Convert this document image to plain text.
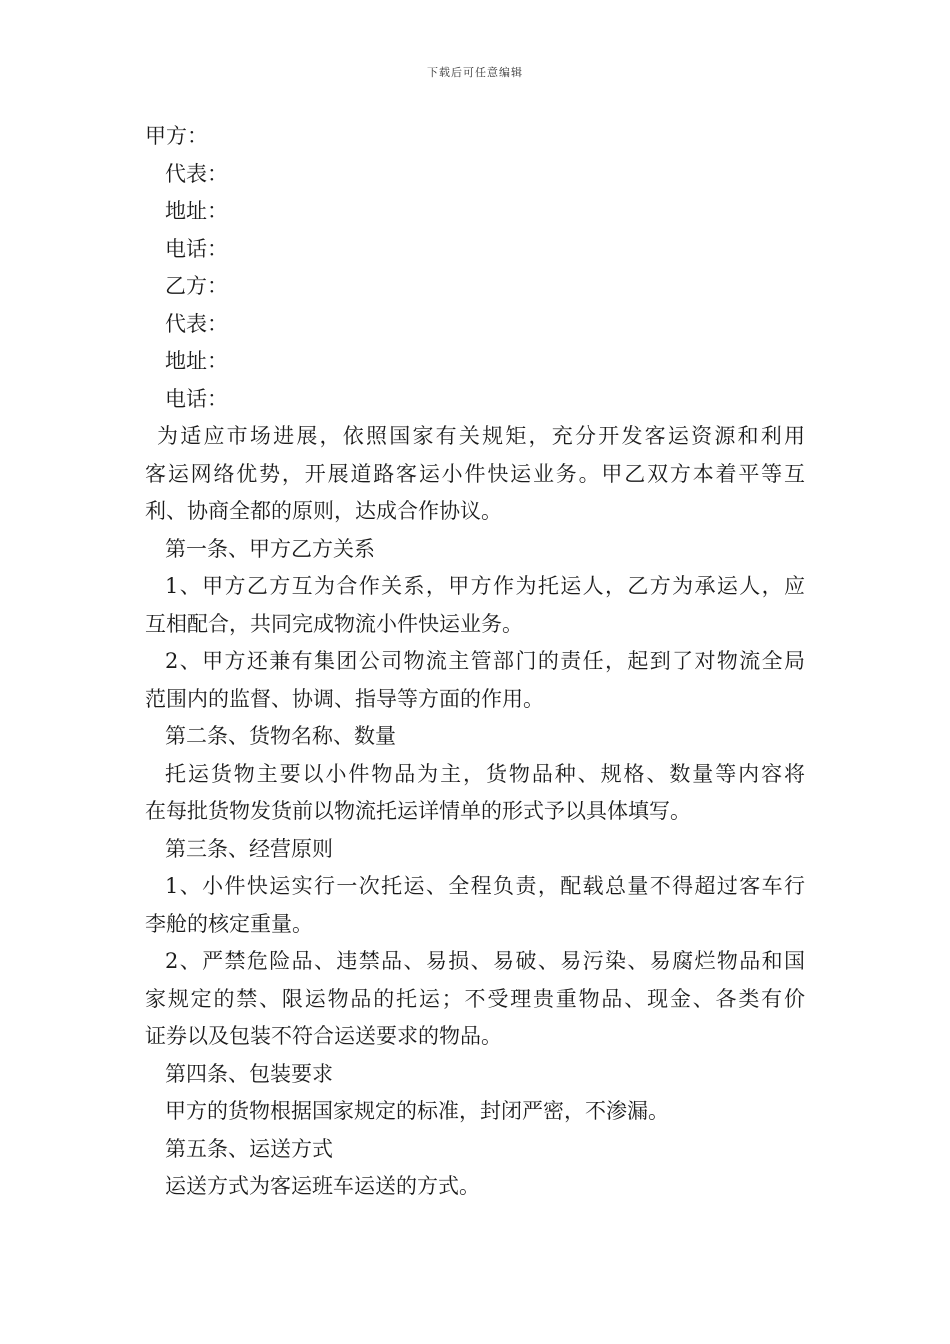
下载后可任意编辑
甲方：
代表：
地址：
电话：
乙方：
代表：
地址：
电话：
为适应市场进展，依照国家有关规矩，充分开发客运资源和利用
客运网络优势，开展道路客运小件快运业务。甲乙双方本着平等互
利、协商全都的原则，达成合作协议。
第一条、甲方乙方关系
1、甲方乙方互为合作关系，甲方作为托运人，乙方为承运人，应
互相配合，共同完成物流小件快运业务。
2、甲方还兼有集团公司物流主管部门的责任，起到了对物流全局
范围内的监督、协调、指导等方面的作用。
第二条、货物名称、数量
托运货物主要以小件物品为主，货物品种、规格、数量等内容将
在每批货物发货前以物流托运详情单的形式予以具体填写。
第三条、经营原则
1、小件快运实行一次托运、全程负责，配载总量不得超过客车行
李舱的核定重量。
2、严禁危险品、违禁品、易损、易破、易污染、易腐烂物品和国
家规定的禁、限运物品的托运；不受理贵重物品、现金、各类有价
证券以及包装不符合运送要求的物品。
第四条、包装要求
甲方的货物根据国家规定的标准，封闭严密，不渗漏。
第五条、运送方式
运送方式为客运班车运送的方式。
